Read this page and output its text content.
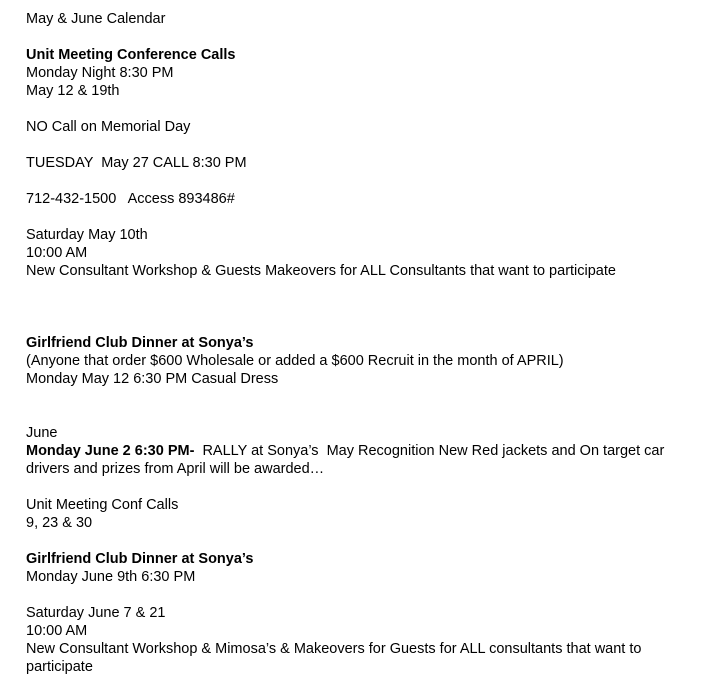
May & June Calendar

Unit Meeting Conference Calls

Monday Night 8:30 PM

May 12 & 19th

NO Call on Memorial Day

TUESDAY  May 27 CALL 8:30 PM

712-432-1500   Access 893486#

Saturday May 10th

10:00 AM

New Consultant Workshop & Guests Makeovers for ALL Consultants that want to participate

Girlfriend Club Dinner at Sonya’s

(Anyone that order $600 Wholesale or added a $600 Recruit in the month of APRIL)

Monday May 12 6:30 PM Casual Dress

June

Monday June 2 6:30 PM-  RALLY at Sonya’s  May Recognition New Red jackets and On target car drivers and prizes from April will be awarded…

Unit Meeting Conf Calls

9, 23 & 30

Girlfriend Club Dinner at Sonya’s

Monday June 9th 6:30 PM

Saturday June 7 & 21

10:00 AM

New Consultant Workshop & Mimosa’s & Makeovers for Guests for ALL consultants that want to participate
